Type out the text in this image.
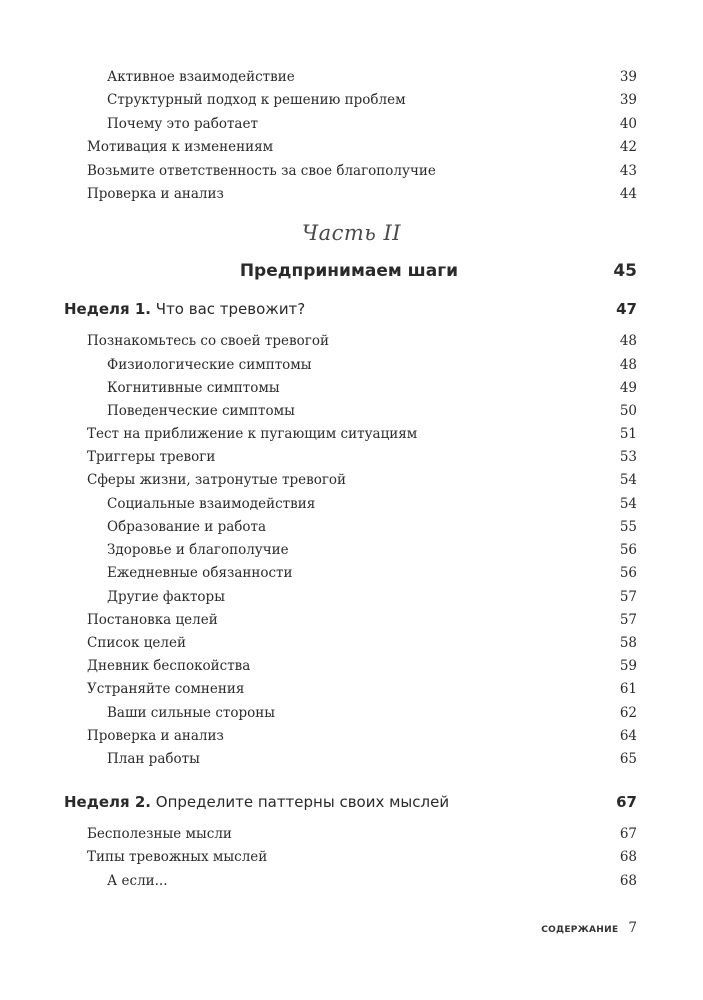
Активное взаимодействие	39
Структурный подход к решению проблем	39
Почему это работает	40
Мотивация к изменениям	42
Возьмите ответственность за свое благополучие	43
Проверка и анализ	44
Часть II
Предпринимаем шаги	45
Неделя 1. Что вас тревожит?	47
Познакомьтесь со своей тревогой	48
Физиологические симптомы	48
Когнитивные симптомы	49
Поведенческие симптомы	50
Тест на приближение к пугающим ситуациям	51
Триггеры тревоги	53
Сферы жизни, затронутые тревогой	54
Социальные взаимодействия	54
Образование и работа	55
Здоровье и благополучие	56
Ежедневные обязанности	56
Другие факторы	57
Постановка целей	57
Список целей	58
Дневник беспокойства	59
Устраняйте сомнения	61
Ваши сильные стороны	62
Проверка и анализ	64
План работы	65
Неделя 2. Определите паттерны своих мыслей	67
Бесполезные мысли	67
Типы тревожных мыслей	68
А если...	68
СОДЕРЖАНИЕ 7
